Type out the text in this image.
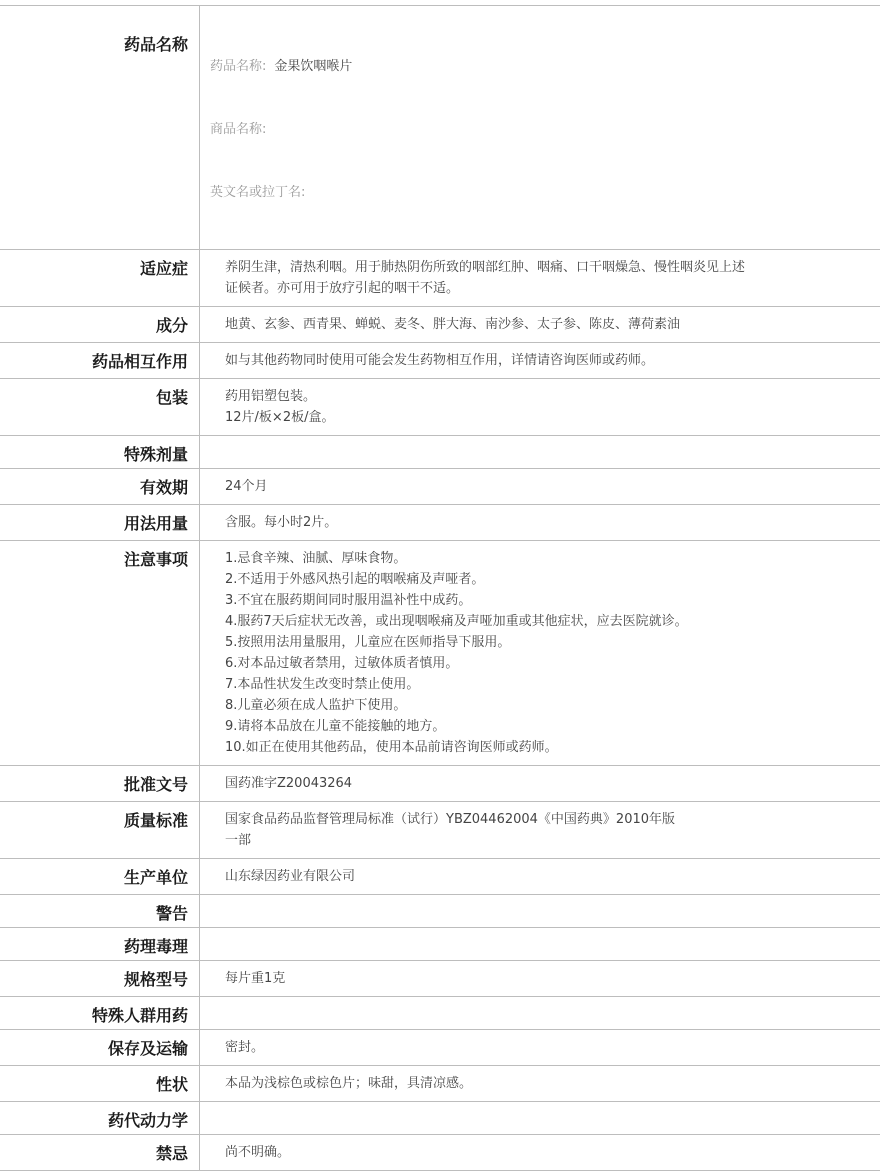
药品名称

药品名称: 金果饮咽喉片

商品名称:

英文名或拉丁名:

适应症	养阴生津，清热利咽。用于肺热阴伤所致的咽部红肿、咽痛、口干咽燥急、慢性咽炎见上述
证候者。亦可用于放疗引起的咽干不适。
成分	地黄、玄参、西青果、蝉蜕、麦冬、胖大海、南沙参、太子参、陈皮、薄荷素油
药品相互作用	如与其他药物同时使用可能会发生药物相互作用，详情请咨询医师或药师。
包装	药用铝塑包装。
12片/板×2板/盒。
特殊剂量
有效期	24个月
用法用量	含服。每小时2片。
注意事项	1.忌食辛辣、油腻、厚味食物。
2.不适用于外感风热引起的咽喉痛及声哑者。
3.不宜在服药期间同时服用温补性中成药。
4.服药7天后症状无改善，或出现咽喉痛及声哑加重或其他症状，应去医院就诊。
5.按照用法用量服用，儿童应在医师指导下服用。
6.对本品过敏者禁用，过敏体质者慎用。
7.本品性状发生改变时禁止使用。
8.儿童必须在成人监护下使用。
9.请将本品放在儿童不能接触的地方。
10.如正在使用其他药品，使用本品前请咨询医师或药师。
批准文号	国药准字Z20043264
质量标准	国家食品药品监督管理局标准（试行）YBZ04462004《中国药典》2010年版
一部
生产单位	山东绿因药业有限公司
警告
药理毒理
规格型号	每片重1克
特殊人群用药
保存及运输	密封。
性状	本品为浅棕色或棕色片；味甜，具清凉感。
药代动力学
禁忌	尚不明确。
